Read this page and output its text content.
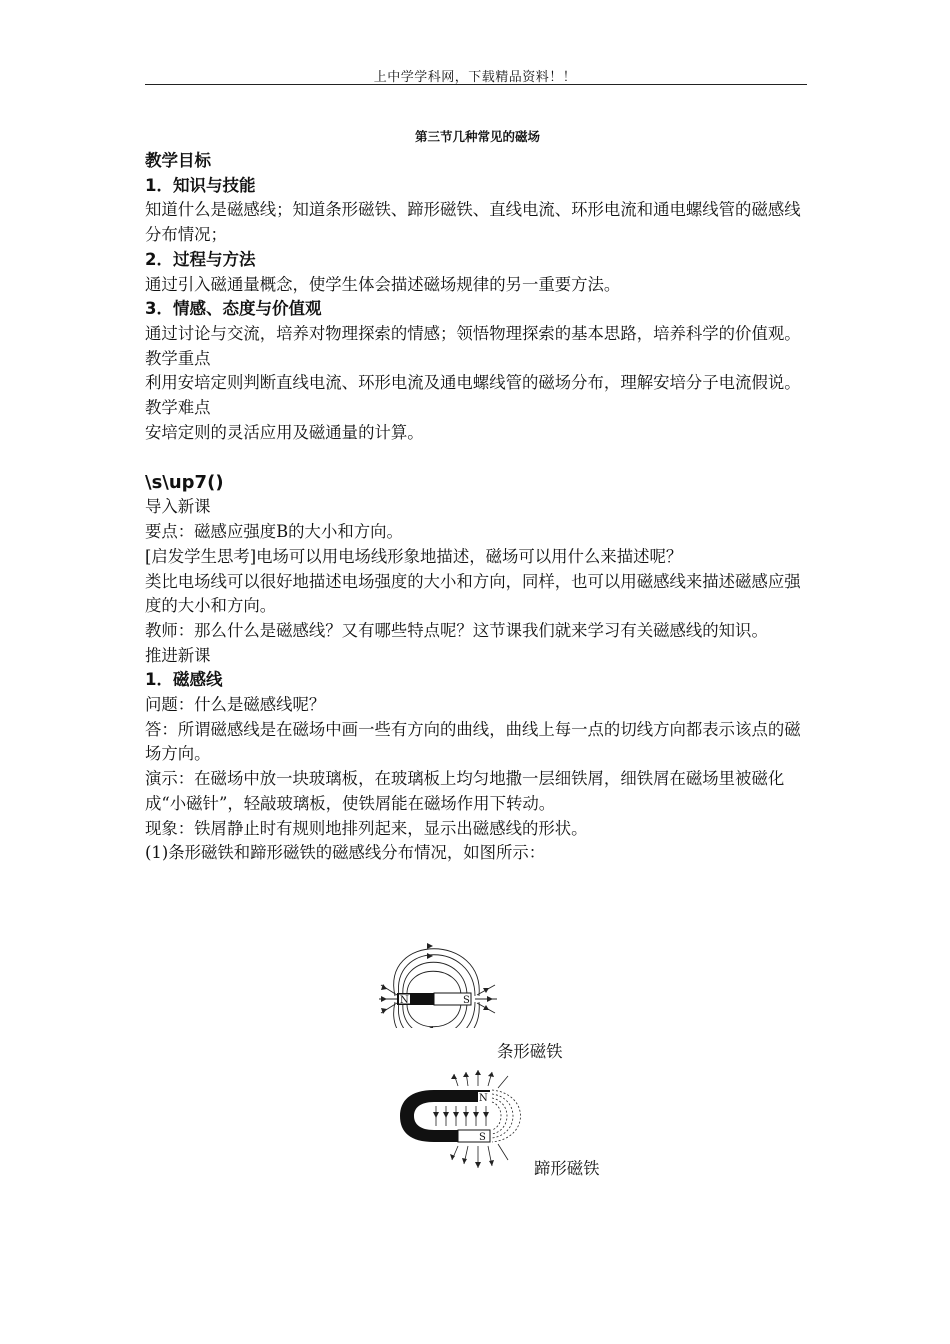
上中学学科网，下载精品资料！！
第三节几种常见的磁场
教学目标
1．知识与技能
知道什么是磁感线；知道条形磁铁、蹄形磁铁、直线电流、环形电流和通电螺线管的磁感线分布情况；
2．过程与方法
通过引入磁通量概念，使学生体会描述磁场规律的另一重要方法。
3．情感、态度与价值观
通过讨论与交流，培养对物理探索的情感；领悟物理探索的基本思路，培养科学的价值观。
教学重点
利用安培定则判断直线电流、环形电流及通电螺线管的磁场分布，理解安培分子电流假说。
教学难点
安培定则的灵活应用及磁通量的计算。
\s\up7()
导入新课
要点：磁感应强度B的大小和方向。
[启发学生思考]电场可以用电场线形象地描述，磁场可以用什么来描述呢？
类比电场线可以很好地描述电场强度的大小和方向，同样，也可以用磁感线来描述磁感应强度的大小和方向。
教师：那么什么是磁感线？又有哪些特点呢？这节课我们就来学习有关磁感线的知识。
推进新课
1．磁感线
问题：什么是磁感线呢？
答：所谓磁感线是在磁场中画一些有方向的曲线，曲线上每一点的切线方向都表示该点的磁场方向。
演示：在磁场中放一块玻璃板，在玻璃板上均匀地撒一层细铁屑，细铁屑在磁场里被磁化成“小磁针”，轻敲玻璃板，使铁屑能在磁场作用下转动。
现象：铁屑静止时有规则地排列起来，显示出磁感线的形状。
(1)条形磁铁和蹄形磁铁的磁感线分布情况，如图所示：
N	S
条形磁铁
N
S
蹄形磁铁
